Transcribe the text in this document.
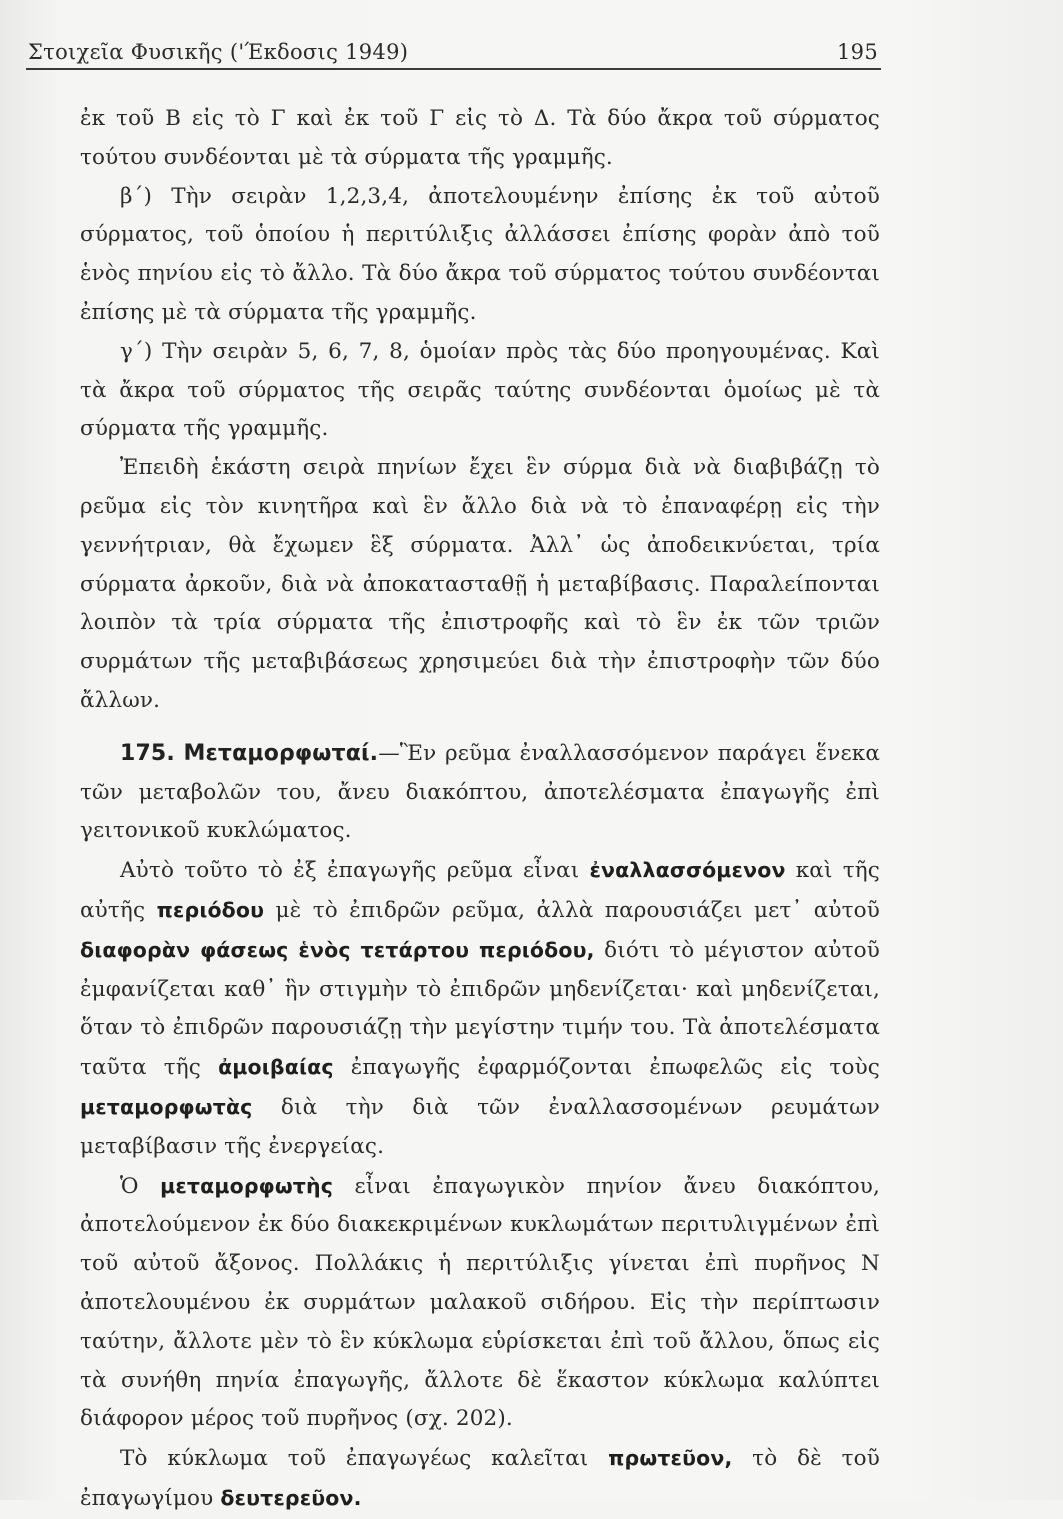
Στοιχεῖα Φυσικῆς ('Έκδοσις 1949)	195

ἐκ τοῦ Β εἰς τὸ Γ καὶ ἐκ τοῦ Γ εἰς τὸ Δ. Τὰ δύο ἄκρα τοῦ σύρματος τούτου συνδέονται μὲ τὰ σύρματα τῆς γραμμῆς.

β΄) Τὴν σειρὰν 1,2,3,4, ἀποτελουμένην ἐπίσης ἐκ τοῦ αὐτοῦ σύρματος, τοῦ ὁποίου ἡ περιτύλιξις ἀλλάσσει ἐπίσης φορὰν ἀπὸ τοῦ ἑνὸς πηνίου εἰς τὸ ἄλλο. Τὰ δύο ἄκρα τοῦ σύρματος τούτου συνδέονται ἐπίσης μὲ τὰ σύρματα τῆς γραμμῆς.

γ΄) Τὴν σειρὰν 5, 6, 7, 8, ὁμοίαν πρὸς τὰς δύο προηγουμένας. Καὶ τὰ ἄκρα τοῦ σύρματος τῆς σειρᾶς ταύτης συνδέονται ὁμοίως μὲ τὰ σύρματα τῆς γραμμῆς.

Ἐπειδὴ ἑκάστη σειρὰ πηνίων ἔχει ἓν σύρμα διὰ νὰ διαβιβάζῃ τὸ ρεῦμα εἰς τὸν κινητῆρα καὶ ἓν ἄλλο διὰ νὰ τὸ ἐπαναφέρῃ εἰς τὴν γεννήτριαν, θὰ ἔχωμεν ἓξ σύρματα. Ἀλλ᾽ ὡς ἀποδεικνύεται, τρία σύρματα ἀρκοῦν, διὰ νὰ ἀποκατασταθῇ ἡ μεταβίβασις. Παραλείπονται λοιπὸν τὰ τρία σύρματα τῆς ἐπιστροφῆς καὶ τὸ ἓν ἐκ τῶν τριῶν συρμάτων τῆς μεταβιβάσεως χρησιμεύει διὰ τὴν ἐπιστροφὴν τῶν δύο ἄλλων.

175. Μεταμορφωταί.—Ἓν ρεῦμα ἐναλλασσόμενον παράγει ἕνεκα τῶν μεταβολῶν του, ἄνευ διακόπτου, ἀποτελέσματα ἐπαγωγῆς ἐπὶ γειτονικοῦ κυκλώματος.

Αὐτὸ τοῦτο τὸ ἐξ ἐπαγωγῆς ρεῦμα εἶναι ἐναλλασσόμενον καὶ τῆς αὐτῆς περιόδου μὲ τὸ ἐπιδρῶν ρεῦμα, ἀλλὰ παρουσιάζει μετ᾽ αὐτοῦ διαφορὰν φάσεως ἑνὸς τετάρτου περιόδου, διότι τὸ μέγιστον αὐτοῦ ἐμφανίζεται καθ᾽ ἣν στιγμὴν τὸ ἐπιδρῶν μηδενίζεται· καὶ μηδενίζεται, ὅταν τὸ ἐπιδρῶν παρουσιάζῃ τὴν μεγίστην τιμήν του. Τὰ ἀποτελέσματα ταῦτα τῆς ἀμοιβαίας ἐπαγωγῆς ἐφαρμόζονται ἐπωφελῶς εἰς τοὺς μεταμορφωτὰς διὰ τὴν διὰ τῶν ἐναλλασσομένων ρευμάτων μεταβίβασιν τῆς ἐνεργείας.

Ὁ μεταμορφωτὴς εἶναι ἐπαγωγικὸν πηνίον ἄνευ διακόπτου, ἀποτελούμενον ἐκ δύο διακεκριμένων κυκλωμάτων περιτυλιγμένων ἐπὶ τοῦ αὐτοῦ ἄξονος. Πολλάκις ἡ περιτύλιξις γίνεται ἐπὶ πυρῆνος Ν ἀποτελουμένου ἐκ συρμάτων μαλακοῦ σιδήρου. Εἰς τὴν περίπτωσιν ταύτην, ἄλλοτε μὲν τὸ ἓν κύκλωμα εὑρίσκεται ἐπὶ τοῦ ἄλλου, ὅπως εἰς τὰ συνήθη πηνία ἐπαγωγῆς, ἄλλοτε δὲ ἕκαστον κύκλωμα καλύπτει διάφορον μέρος τοῦ πυρῆνος (σχ. 202).

Τὸ κύκλωμα τοῦ ἐπαγωγέως καλεῖται πρωτεῦον, τὸ δὲ τοῦ ἐπαγωγίμου δευτερεῦον.
